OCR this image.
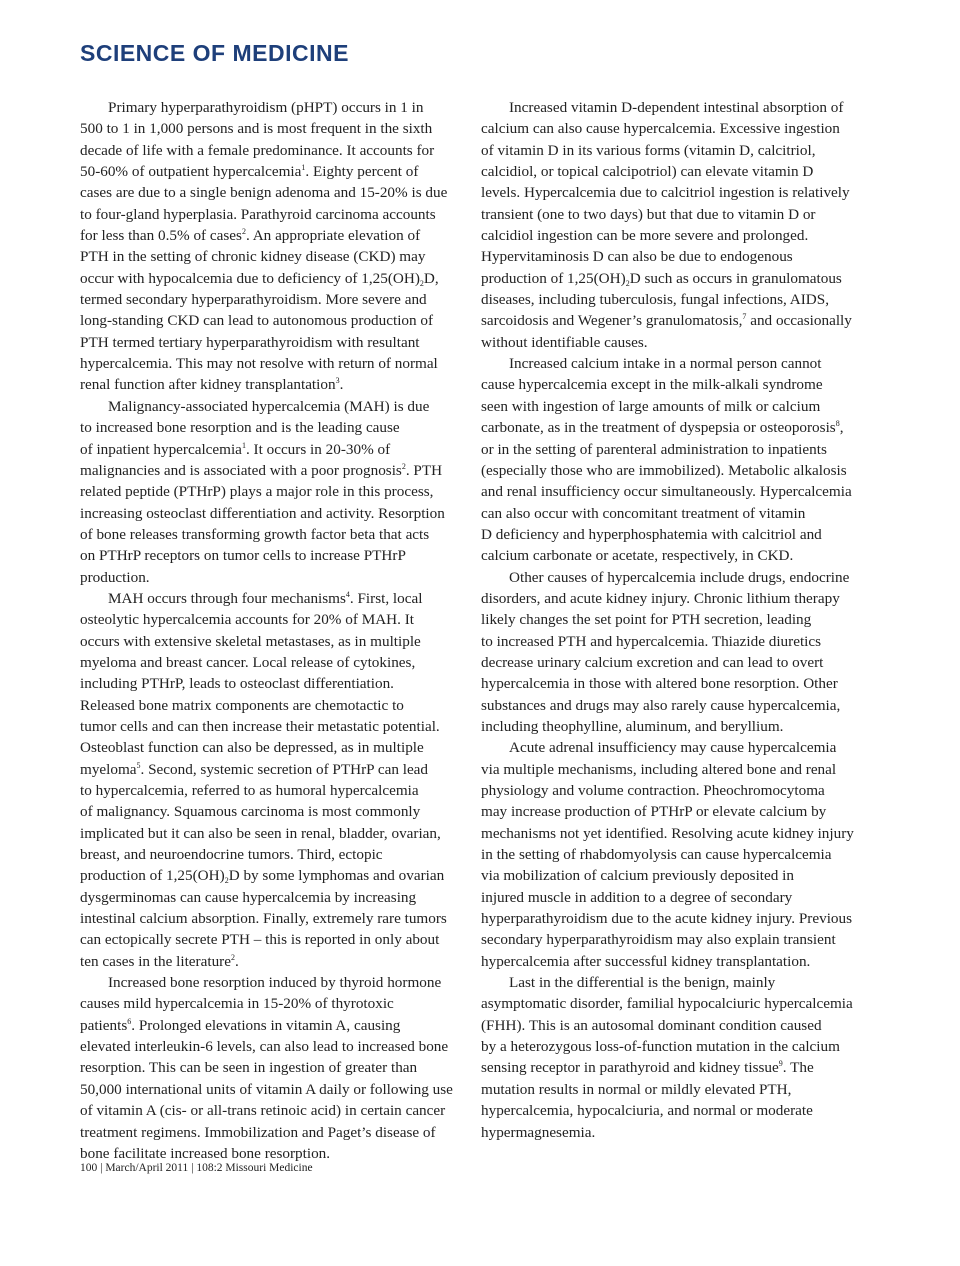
SCIENCE OF MEDICINE
Primary hyperparathyroidism (pHPT) occurs in 1 in
500 to 1 in 1,000 persons and is most frequent in the sixth
decade of life with a female predominance. It accounts for
50-60% of outpatient hypercalcemia$^1$. Eighty percent of
cases are due to a single benign adenoma and 15-20% is due
to four-gland hyperplasia. Parathyroid carcinoma accounts
for less than 0.5% of cases$^2$. An appropriate elevation of
PTH in the setting of chronic kidney disease (CKD) may
occur with hypocalcemia due to deficiency of $1,25(OH)_2D$,
termed secondary hyperparathyroidism. More severe and
long-standing CKD can lead to autonomous production of
PTH termed tertiary hyperparathyroidism with resultant
hypercalcemia. This may not resolve with return of normal
renal function after kidney transplantation$^3$.
Malignancy-associated hypercalcemia (MAH) is due
to increased bone resorption and is the leading cause
of inpatient hypercalcemia$^1$. It occurs in 20-30% of
malignancies and is associated with a poor prognosis$^2$. PTH
related peptide (PTHrP) plays a major role in this process,
increasing osteoclast differentiation and activity. Resorption
of bone releases transforming growth factor beta that acts
on PTHrP receptors on tumor cells to increase PTHrP
production.
MAH occurs through four mechanisms$^4$. First, local
osteolytic hypercalcemia accounts for 20% of MAH. It
occurs with extensive skeletal metastases, as in multiple
myeloma and breast cancer. Local release of cytokines,
including PTHrP, leads to osteoclast differentiation.
Released bone matrix components are chemotactic to
tumor cells and can then increase their metastatic potential.
Osteoblast function can also be depressed, as in multiple
myeloma$^5$. Second, systemic secretion of PTHrP can lead
to hypercalcemia, referred to as humoral hypercalcemia
of malignancy. Squamous carcinoma is most commonly
implicated but it can also be seen in renal, bladder, ovarian,
breast, and neuroendocrine tumors. Third, ectopic
production of $1,25(OH)_2D$ by some lymphomas and ovarian
dysgerminomas can cause hypercalcemia by increasing
intestinal calcium absorption. Finally, extremely rare tumors
can ectopically secrete PTH – this is reported in only about
ten cases in the literature$^2$.
Increased bone resorption induced by thyroid hormone
causes mild hypercalcemia in 15-20% of thyrotoxic
patients$^6$. Prolonged elevations in vitamin A, causing
elevated interleukin-6 levels, can also lead to increased bone
resorption. This can be seen in ingestion of greater than
50,000 international units of vitamin A daily or following use
of vitamin A (cis- or all-trans retinoic acid) in certain cancer
treatment regimens. Immobilization and Paget’s disease of
bone facilitate increased bone resorption.
Increased vitamin D-dependent intestinal absorption of
calcium can also cause hypercalcemia. Excessive ingestion
of vitamin D in its various forms (vitamin D, calcitriol,
calcidiol, or topical calcipotriol) can elevate vitamin D
levels. Hypercalcemia due to calcitriol ingestion is relatively
transient (one to two days) but that due to vitamin D or
calcidiol ingestion can be more severe and prolonged.
Hypervitaminosis D can also be due to endogenous
production of $1,25(OH)_2D$ such as occurs in granulomatous
diseases, including tuberculosis, fungal infections, AIDS,
sarcoidosis and Wegener’s granulomatosis,$^7$ and occasionally
without identifiable causes.
Increased calcium intake in a normal person cannot
cause hypercalcemia except in the milk-alkali syndrome
seen with ingestion of large amounts of milk or calcium
carbonate, as in the treatment of dyspepsia or osteoporosis$^8$,
or in the setting of parenteral administration to inpatients
(especially those who are immobilized). Metabolic alkalosis
and renal insufficiency occur simultaneously. Hypercalcemia
can also occur with concomitant treatment of vitamin
D deficiency and hyperphosphatemia with calcitriol and
calcium carbonate or acetate, respectively, in CKD.
Other causes of hypercalcemia include drugs, endocrine
disorders, and acute kidney injury. Chronic lithium therapy
likely changes the set point for PTH secretion, leading
to increased PTH and hypercalcemia. Thiazide diuretics
decrease urinary calcium excretion and can lead to overt
hypercalcemia in those with altered bone resorption. Other
substances and drugs may also rarely cause hypercalcemia,
including theophylline, aluminum, and beryllium.
Acute adrenal insufficiency may cause hypercalcemia
via multiple mechanisms, including altered bone and renal
physiology and volume contraction. Pheochromocytoma
may increase production of PTHrP or elevate calcium by
mechanisms not yet identified. Resolving acute kidney injury
in the setting of rhabdomyolysis can cause hypercalcemia
via mobilization of calcium previously deposited in
injured muscle in addition to a degree of secondary
hyperparathyroidism due to the acute kidney injury. Previous
secondary hyperparathyroidism may also explain transient
hypercalcemia after successful kidney transplantation.
Last in the differential is the benign, mainly
asymptomatic disorder, familial hypocalciuric hypercalcemia
(FHH). This is an autosomal dominant condition caused
by a heterozygous loss-of-function mutation in the calcium
sensing receptor in parathyroid and kidney tissue$^9$. The
mutation results in normal or mildly elevated PTH,
hypercalcemia, hypocalciuria, and normal or moderate
hypermagnesemia.
100 | March/April 2011 | 108:2 Missouri Medicine
